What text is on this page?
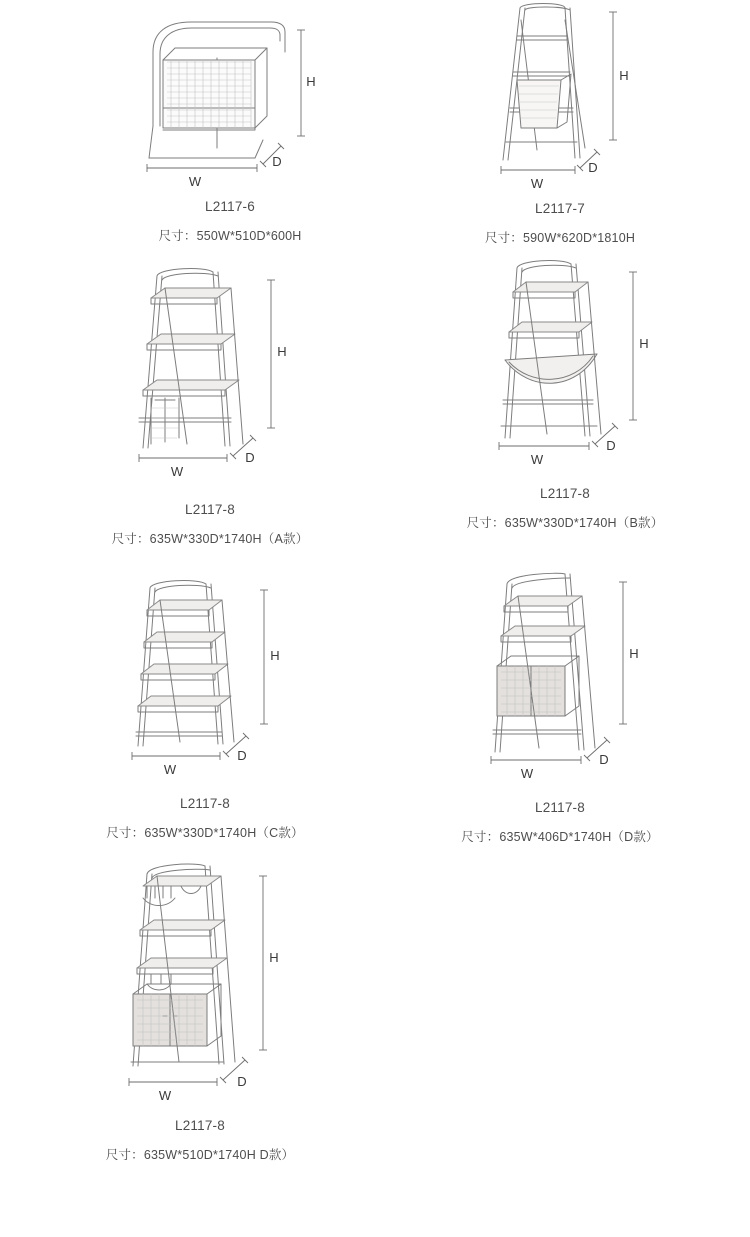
W
D
H
L2117-6
尺寸：550W*510D*600H
W
D
H
L2117-7
尺寸：590W*620D*1810H
W
D
H
L2117-8
尺寸：635W*330D*1740H（A款）
W
D
H
L2117-8
尺寸：635W*330D*1740H（B款）
W
D
H
L2117-8
尺寸：635W*330D*1740H（C款）
W
D
H
L2117-8
尺寸：635W*406D*1740H（D款）
W
D
H
L2117-8
尺寸：635W*510D*1740H D款）
